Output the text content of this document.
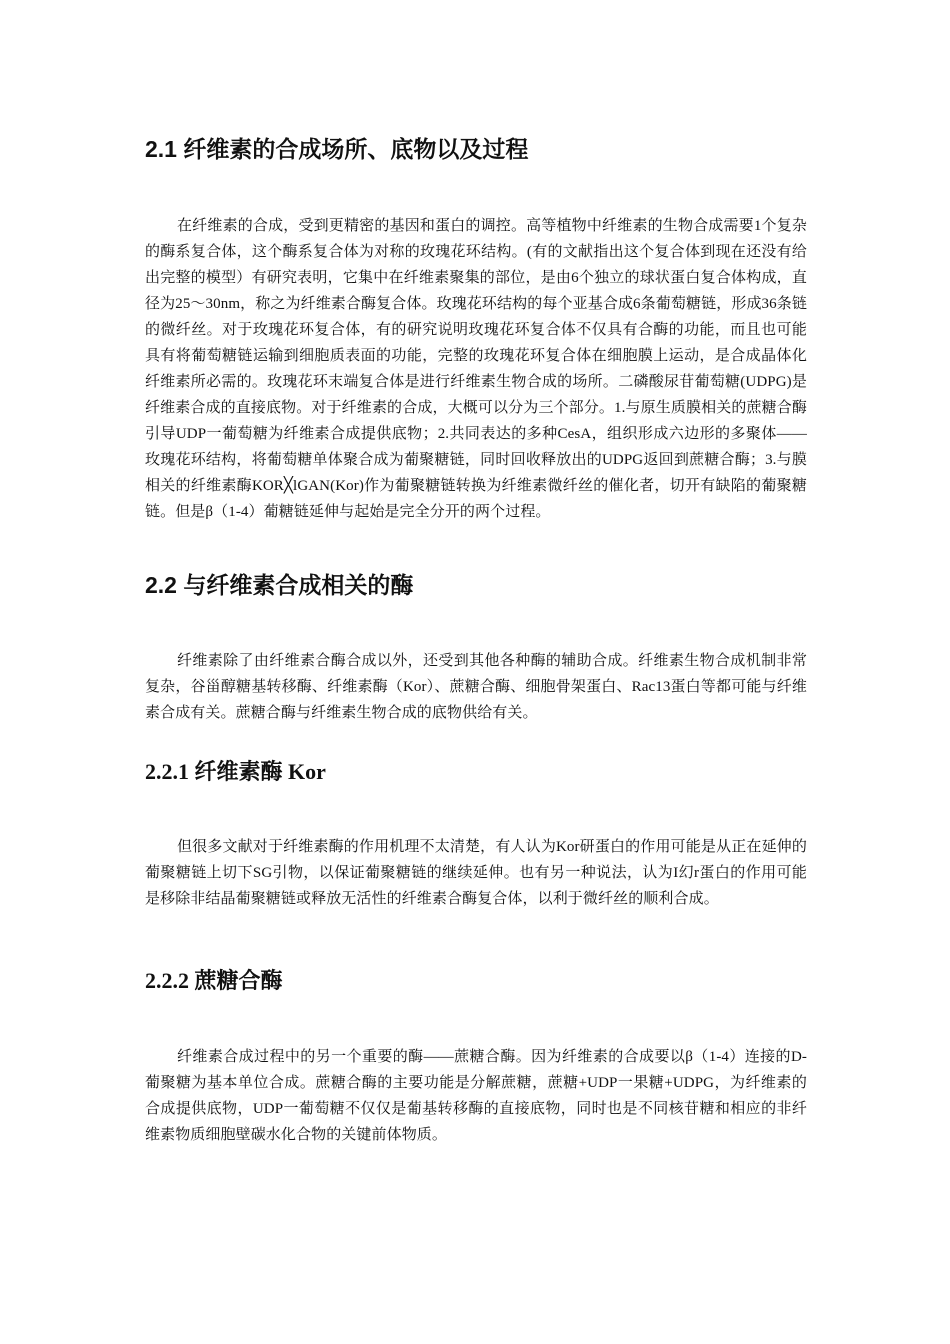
2.1 纤维素的合成场所、底物以及过程

在纤维素的合成，受到更精密的基因和蛋白的调控。高等植物中纤维素的生物合成需要1个复杂的酶系复合体，这个酶系复合体为对称的玫瑰花环结构。(有的文献指出这个复合体到现在还没有给出完整的模型）有研究表明，它集中在纤维素聚集的部位，是由6个独立的球状蛋白复合体构成，直径为25～30nm，称之为纤维素合酶复合体。玫瑰花环结构的每个亚基合成6条葡萄糖链，形成36条链的微纤丝。对于玫瑰花环复合体，有的研究说明玫瑰花环复合体不仅具有合酶的功能，而且也可能具有将葡萄糖链运输到细胞质表面的功能，完整的玫瑰花环复合体在细胞膜上运动，是合成晶体化纤维素所必需的。玫瑰花环末端复合体是进行纤维素生物合成的场所。二磷酸尿苷葡萄糖(UDPG)是纤维素合成的直接底物。对于纤维素的合成，大概可以分为三个部分。1.与原生质膜相关的蔗糖合酶引导UDP一葡萄糖为纤维素合成提供底物；2.共同表达的多种CesA，组织形成六边形的多聚体——玫瑰花环结构，将葡萄糖单体聚合成为葡聚糖链，同时回收释放出的UDPG返回到蔗糖合酶；3.与膜相关的纤维素酶KOR╳lGAN(Kor)作为葡聚糖链转换为纤维素微纤丝的催化者，切开有缺陷的葡聚糖链。但是β（1-4）葡糖链延伸与起始是完全分开的两个过程。

2.2 与纤维素合成相关的酶

纤维素除了由纤维素合酶合成以外，还受到其他各种酶的辅助合成。纤维素生物合成机制非常复杂，谷甾醇糖基转移酶、纤维素酶（Kor）、蔗糖合酶、细胞骨架蛋白、Rac13蛋白等都可能与纤维素合成有关。蔗糖合酶与纤维素生物合成的底物供给有关。

2.2.1 纤维素酶 Kor

但很多文献对于纤维素酶的作用机理不太清楚，有人认为Kor研蛋白的作用可能是从正在延伸的葡聚糖链上切下SG引物，以保证葡聚糖链的继续延伸。也有另一种说法，认为I幻r蛋白的作用可能是移除非结晶葡聚糖链或释放无活性的纤维素合酶复合体，以利于微纤丝的顺利合成。

2.2.2 蔗糖合酶

纤维素合成过程中的另一个重要的酶——蔗糖合酶。因为纤维素的合成要以β（1-4）连接的D-葡聚糖为基本单位合成。蔗糖合酶的主要功能是分解蔗糖，蔗糖+UDP一果糖+UDPG，为纤维素的合成提供底物，UDP一葡萄糖不仅仅是葡基转移酶的直接底物，同时也是不同核苷糖和相应的非纤维素物质细胞壁碳水化合物的关键前体物质。
